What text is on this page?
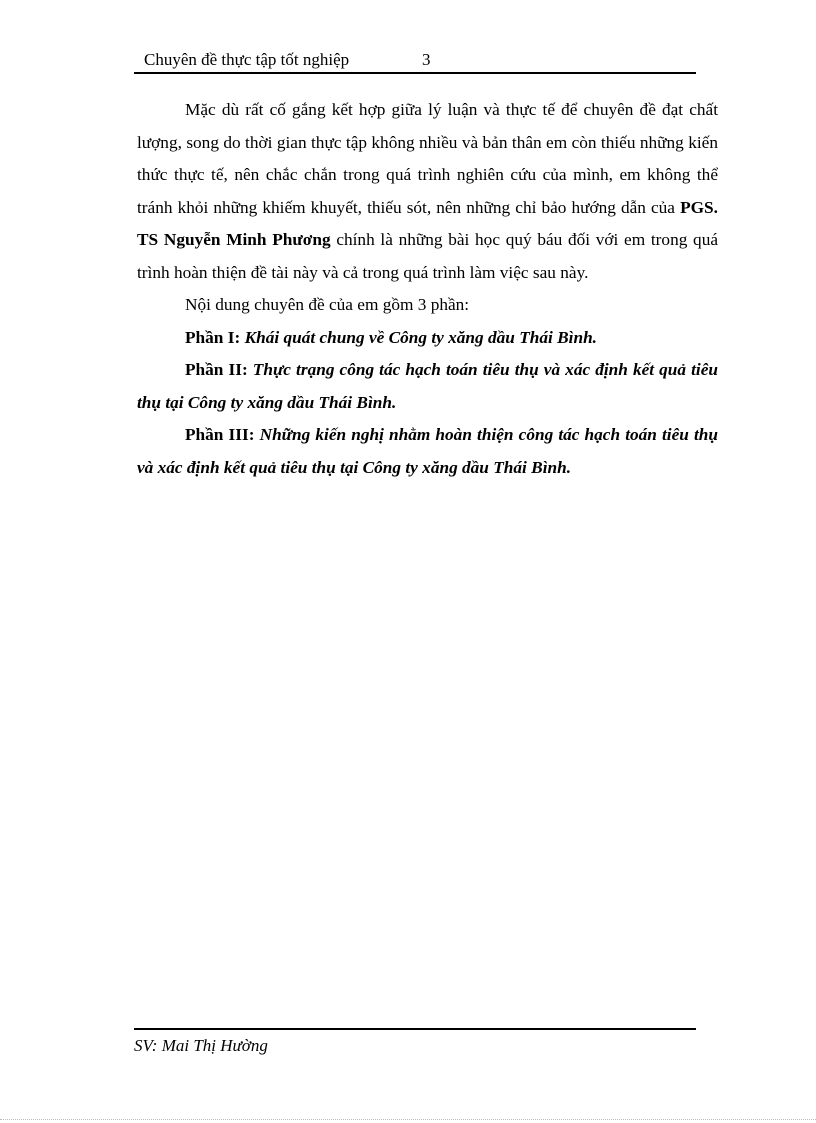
Chuyên đề thực tập tốt nghiệp	3

Mặc dù rất cố gắng kết hợp giữa lý luận và thực tế để chuyên đề đạt chất lượng, song do thời gian thực tập không nhiều và bản thân em còn thiếu những kiến thức thực tế, nên chắc chắn trong quá trình nghiên cứu của mình, em không thể tránh khỏi những khiếm khuyết, thiếu sót, nên những chỉ bảo hướng dẫn của PGS. TS Nguyễn Minh Phương chính là những bài học quý báu đối với em trong quá trình hoàn thiện đề tài này và cả trong quá trình làm việc sau này.

Nội dung chuyên đề của em gồm 3 phần:

Phần I: Khái quát chung về Công ty xăng dầu Thái Bình.

Phần II: Thực trạng công tác hạch toán tiêu thụ và xác định kết quả tiêu thụ tại Công ty xăng dầu Thái Bình.

Phần III: Những kiến nghị nhằm hoàn thiện công tác hạch toán tiêu thụ và xác định kết quả tiêu thụ tại Công ty xăng dầu Thái Bình.

SV: Mai Thị Hường
